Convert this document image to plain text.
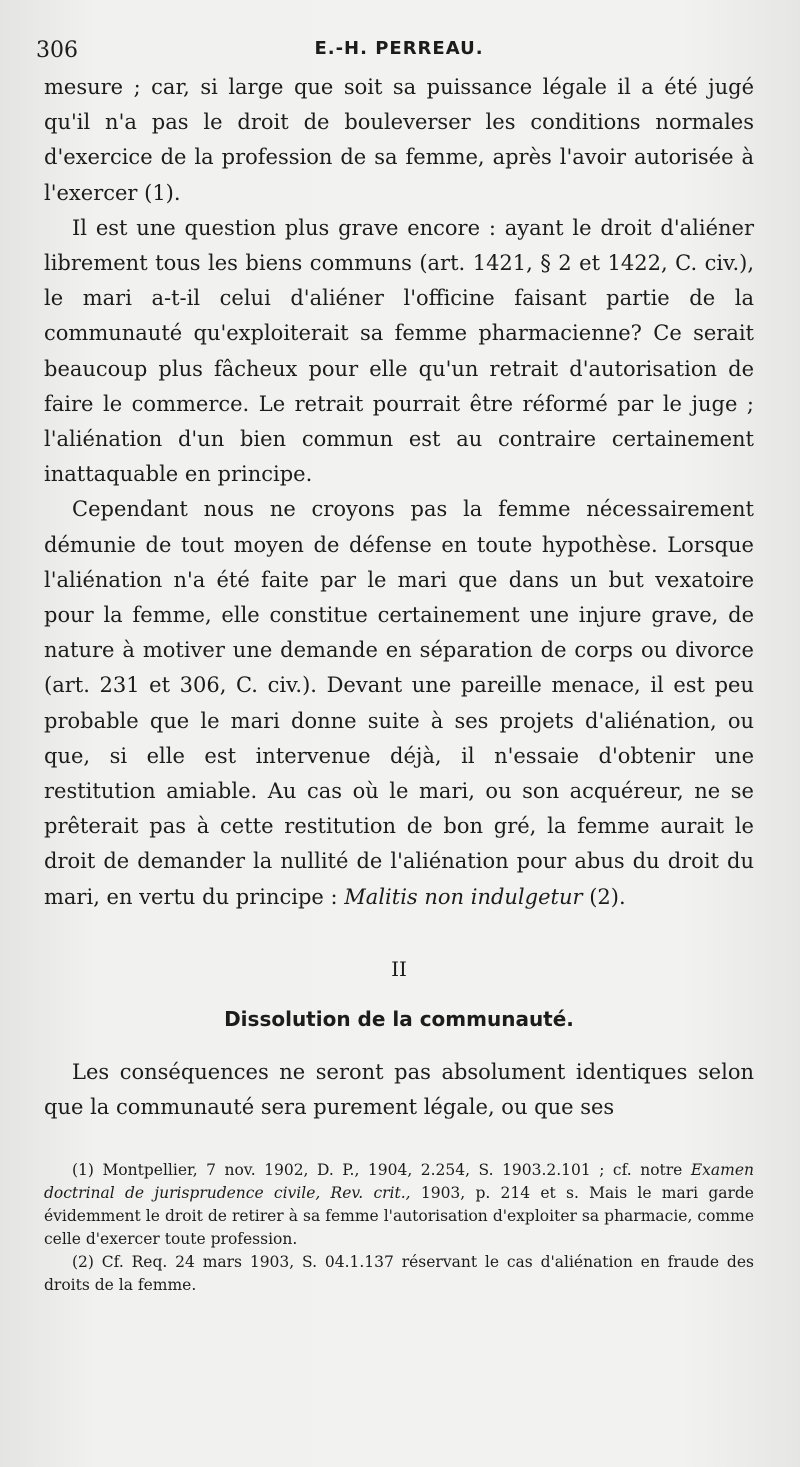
306	E.-H. PERREAU.

mesure ; car, si large que soit sa puissance légale il a été jugé qu'il n'a pas le droit de bouleverser les conditions normales d'exercice de la profession de sa femme, après l'avoir autorisée à l'exercer (1).

Il est une question plus grave encore : ayant le droit d'aliéner librement tous les biens communs (art. 1421, § 2 et 1422, C. civ.), le mari a-t-il celui d'aliéner l'officine faisant partie de la communauté qu'exploiterait sa femme pharmacienne? Ce serait beaucoup plus fâcheux pour elle qu'un retrait d'autorisation de faire le commerce. Le retrait pourrait être réformé par le juge ; l'aliénation d'un bien commun est au contraire certainement inattaquable en principe.

Cependant nous ne croyons pas la femme nécessairement démunie de tout moyen de défense en toute hypothèse. Lorsque l'aliénation n'a été faite par le mari que dans un but vexatoire pour la femme, elle constitue certainement une injure grave, de nature à motiver une demande en séparation de corps ou divorce (art. 231 et 306, C. civ.). Devant une pareille menace, il est peu probable que le mari donne suite à ses projets d'aliénation, ou que, si elle est intervenue déjà, il n'essaie d'obtenir une restitution amiable. Au cas où le mari, ou son acquéreur, ne se prêterait pas à cette restitution de bon gré, la femme aurait le droit de demander la nullité de l'aliénation pour abus du droit du mari, en vertu du principe : Malitis non indulgetur (2).

II
Dissolution de la communauté.

Les conséquences ne seront pas absolument identiques selon que la communauté sera purement légale, ou que ses

(1) Montpellier, 7 nov. 1902, D. P., 1904, 2.254, S. 1903.2.101 ; cf. notre Examen doctrinal de jurisprudence civile, Rev. crit., 1903, p. 214 et s. Mais le mari garde évidemment le droit de retirer à sa femme l'autorisation d'exploiter sa pharmacie, comme celle d'exercer toute profession.

(2) Cf. Req. 24 mars 1903, S. 04.1.137 réservant le cas d'aliénation en fraude des droits de la femme.
